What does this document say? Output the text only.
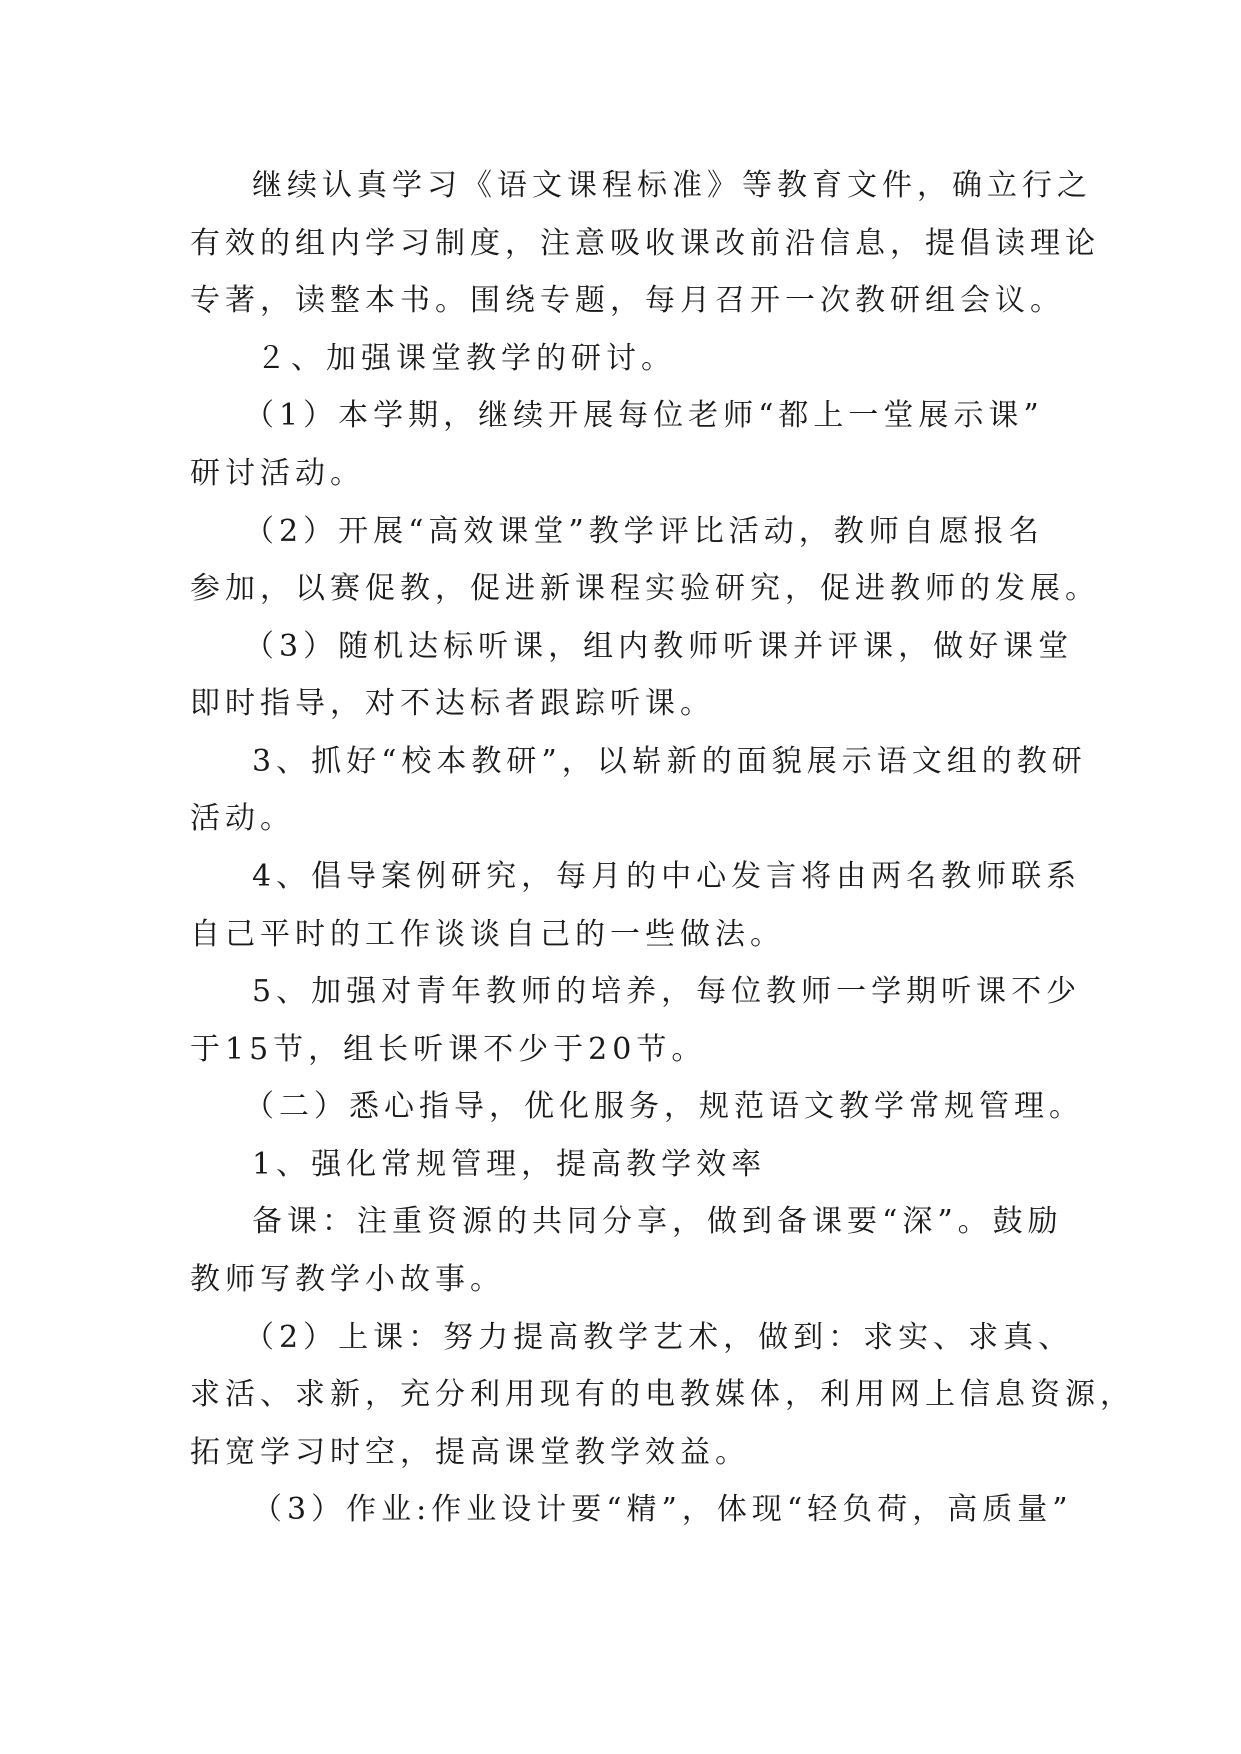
继续认真学习《语文课程标准》等教育文件，确立行之
有效的组内学习制度，注意吸收课改前沿信息，提倡读理论
专著，读整本书。围绕专题，每月召开一次教研组会议。
２、加强课堂教学的研讨。
（1）本学期，继续开展每位老师“都上一堂展示课”
研讨活动。
（2）开展“高效课堂”教学评比活动，教师自愿报名
参加，以赛促教，促进新课程实验研究，促进教师的发展。
（3）随机达标听课，组内教师听课并评课，做好课堂
即时指导，对不达标者跟踪听课。
3、抓好“校本教研”，以崭新的面貌展示语文组的教研
活动。
4、倡导案例研究，每月的中心发言将由两名教师联系
自己平时的工作谈谈自己的一些做法。
5、加强对青年教师的培养，每位教师一学期听课不少
于15节，组长听课不少于20节。
（二）悉心指导，优化服务，规范语文教学常规管理。
1、强化常规管理，提高教学效率
备课：注重资源的共同分享，做到备课要“深”。鼓励
教师写教学小故事。
（2）上课：努力提高教学艺术，做到：求实、求真、
求活、求新，充分利用现有的电教媒体，利用网上信息资源，
拓宽学习时空，提高课堂教学效益。
（3）作业:作业设计要“精”，体现“轻负荷，高质量”
